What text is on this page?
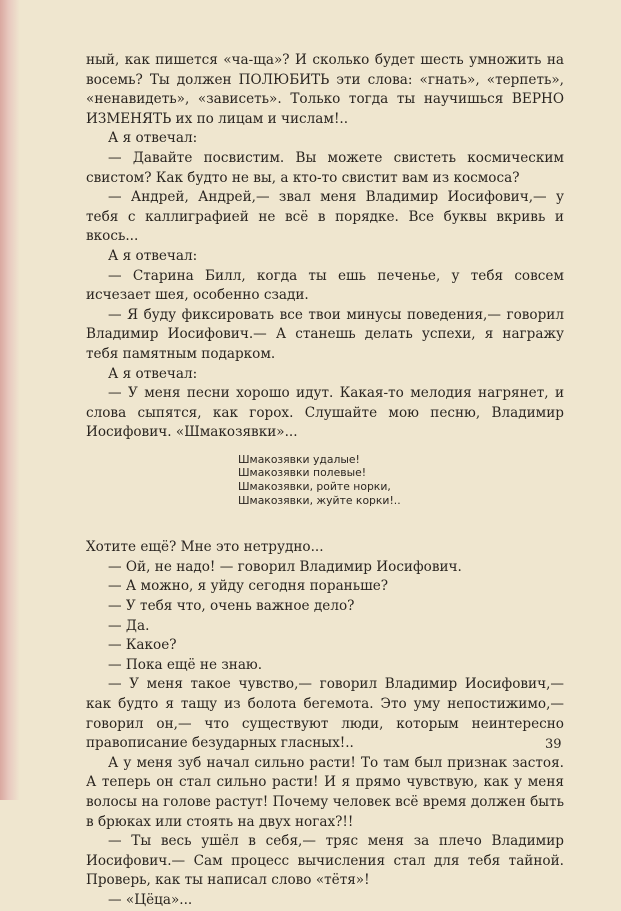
ный, как пишется «ча-ща»? И сколько будет шесть умножить на восемь? Ты должен ПОЛЮБИТЬ эти слова: «гнать», «терпеть», «ненавидеть», «зависеть». Только тогда ты научишься ВЕРНО ИЗМЕНЯТЬ их по лицам и числам!..

А я отвечал:

— Давайте посвистим. Вы можете свистеть космическим свистом? Как будто не вы, а кто-то свистит вам из космоса?

— Андрей, Андрей,— звал меня Владимир Иосифович,— у тебя с каллиграфией не всё в порядке. Все буквы вкривь и вкось...

А я отвечал:

— Старина Билл, когда ты ешь печенье, у тебя совсем исчезает шея, особенно сзади.

— Я буду фиксировать все твои минусы поведения,— говорил Владимир Иосифович.— А станешь делать успехи, я награжу тебя памятным подарком.

А я отвечал:

— У меня песни хорошо идут. Какая-то мелодия нагрянет, и слова сыпятся, как горох. Слушайте мою песню, Владимир Иосифович. «Шмакозявки»...

Шмакозявки удалые!
Шмакозявки полевые!
Шмакозявки, ройте норки,
Шмакозявки, жуйте корки!..

Хотите ещё? Мне это нетрудно...

— Ой, не надо! — говорил Владимир Иосифович.

— А можно, я уйду сегодня пораньше?

— У тебя что, очень важное дело?

— Да.

— Какое?

— Пока ещё не знаю.

— У меня такое чувство,— говорил Владимир Иосифович,— как будто я тащу из болота бегемота. Это уму непостижимо,— говорил он,— что существуют люди, которым неинтересно правописание безударных гласных!..

А у меня зуб начал сильно расти! То там был признак застоя. А теперь он стал сильно расти! И я прямо чувствую, как у меня волосы на голове растут! Почему человек всё время должен быть в брюках или стоять на двух ногах?!!

— Ты весь ушёл в себя,— тряс меня за плечо Владимир Иосифович.— Сам процесс вычисления стал для тебя тайной. Проверь, как ты написал слово «тётя»!

— «Цёца»...

39
